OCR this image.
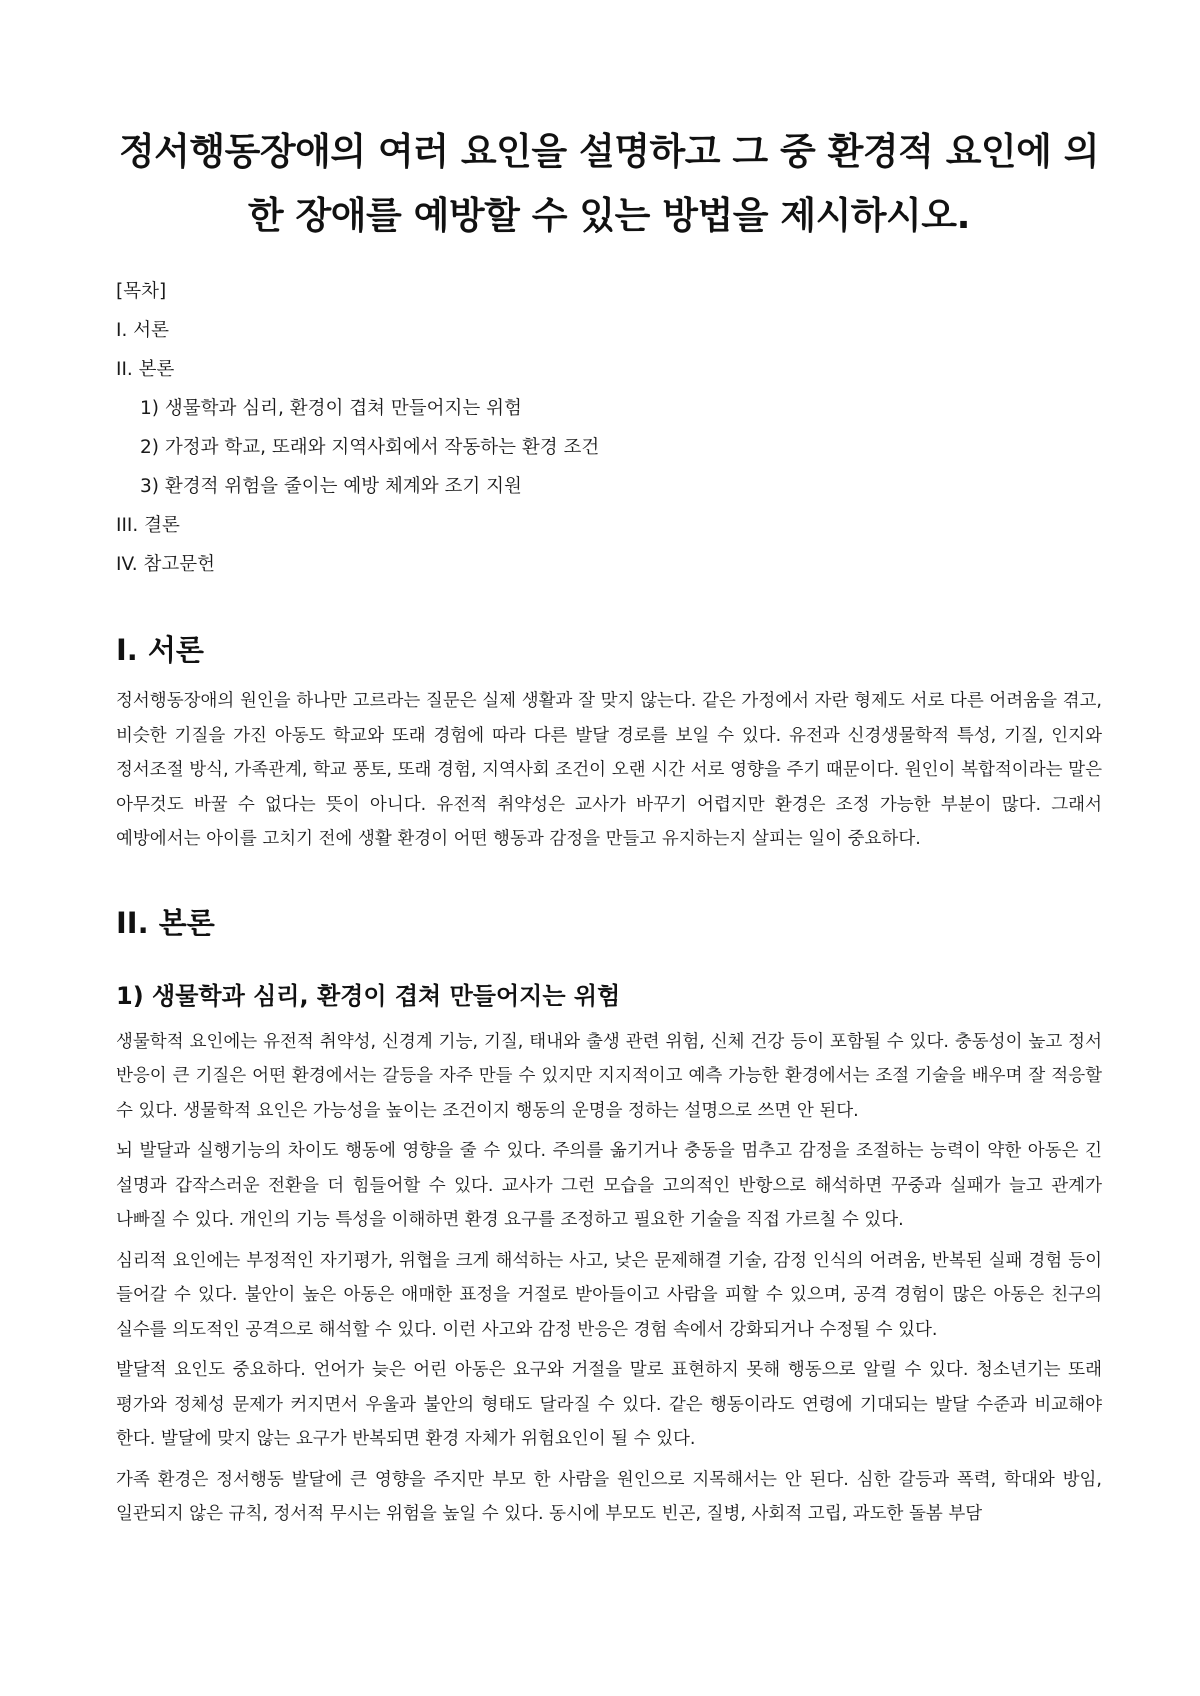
정서행동장애의 여러 요인을 설명하고 그 중 환경적 요인에 의
한 장애를 예방할 수 있는 방법을 제시하시오.
[목차]
I. 서론
II. 본론
1) 생물학과 심리, 환경이 겹쳐 만들어지는 위험
2) 가정과 학교, 또래와 지역사회에서 작동하는 환경 조건
3) 환경적 위험을 줄이는 예방 체계와 조기 지원
III. 결론
IV. 참고문헌
I. 서론

정서행동장애의 원인을 하나만 고르라는 질문은 실제 생활과 잘 맞지 않는다. 같은 가정에서 자란 형제도 서로 다른 어려움을 겪고, 비슷한 기질을 가진 아동도 학교와 또래 경험에 따라 다른 발달 경로를 보일 수 있다. 유전과 신경생물학적 특성, 기질, 인지와 정서조절 방식, 가족관계, 학교 풍토, 또래 경험, 지역사회 조건이 오랜 시간 서로 영향을 주기 때문이다. 원인이 복합적이라는 말은 아무것도 바꿀 수 없다는 뜻이 아니다. 유전적 취약성은 교사가 바꾸기 어렵지만 환경은 조정 가능한 부분이 많다. 그래서 예방에서는 아이를 고치기 전에 생활 환경이 어떤 행동과 감정을 만들고 유지하는지 살피는 일이 중요하다.

II. 본론
1) 생물학과 심리, 환경이 겹쳐 만들어지는 위험

생물학적 요인에는 유전적 취약성, 신경계 기능, 기질, 태내와 출생 관련 위험, 신체 건강 등이 포함될 수 있다. 충동성이 높고 정서 반응이 큰 기질은 어떤 환경에서는 갈등을 자주 만들 수 있지만 지지적이고 예측 가능한 환경에서는 조절 기술을 배우며 잘 적응할 수 있다. 생물학적 요인은 가능성을 높이는 조건이지 행동의 운명을 정하는 설명으로 쓰면 안 된다.

뇌 발달과 실행기능의 차이도 행동에 영향을 줄 수 있다. 주의를 옮기거나 충동을 멈추고 감정을 조절하는 능력이 약한 아동은 긴 설명과 갑작스러운 전환을 더 힘들어할 수 있다. 교사가 그런 모습을 고의적인 반항으로 해석하면 꾸중과 실패가 늘고 관계가 나빠질 수 있다. 개인의 기능 특성을 이해하면 환경 요구를 조정하고 필요한 기술을 직접 가르칠 수 있다.

심리적 요인에는 부정적인 자기평가, 위협을 크게 해석하는 사고, 낮은 문제해결 기술, 감정 인식의 어려움, 반복된 실패 경험 등이 들어갈 수 있다. 불안이 높은 아동은 애매한 표정을 거절로 받아들이고 사람을 피할 수 있으며, 공격 경험이 많은 아동은 친구의 실수를 의도적인 공격으로 해석할 수 있다. 이런 사고와 감정 반응은 경험 속에서 강화되거나 수정될 수 있다.

발달적 요인도 중요하다. 언어가 늦은 어린 아동은 요구와 거절을 말로 표현하지 못해 행동으로 알릴 수 있다. 청소년기는 또래 평가와 정체성 문제가 커지면서 우울과 불안의 형태도 달라질 수 있다. 같은 행동이라도 연령에 기대되는 발달 수준과 비교해야 한다. 발달에 맞지 않는 요구가 반복되면 환경 자체가 위험요인이 될 수 있다.

가족 환경은 정서행동 발달에 큰 영향을 주지만 부모 한 사람을 원인으로 지목해서는 안 된다. 심한 갈등과 폭력, 학대와 방임, 일관되지 않은 규칙, 정서적 무시는 위험을 높일 수 있다. 동시에 부모도 빈곤, 질병, 사회적 고립, 과도한 돌봄 부담
